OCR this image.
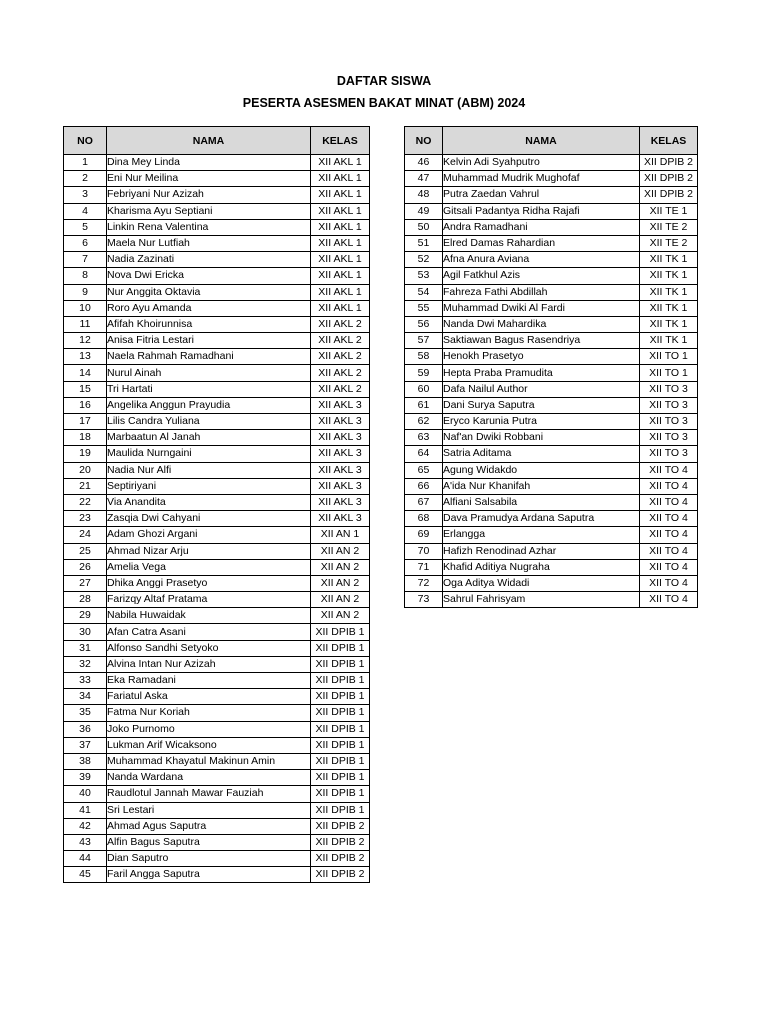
DAFTAR SISWA
PESERTA ASESMEN BAKAT MINAT (ABM) 2024
NO	NAMA	KELAS
1	Dina Mey Linda	XII AKL 1
2	Eni Nur Meilina	XII AKL 1
3	Febriyani Nur Azizah	XII AKL 1
4	Kharisma Ayu Septiani	XII AKL 1
5	Linkin Rena Valentina	XII AKL 1
6	Maela Nur Lutfiah	XII AKL 1
7	Nadia Zazinati	XII AKL 1
8	Nova Dwi Ericka	XII AKL 1
9	Nur Anggita Oktavia	XII AKL 1
10	Roro Ayu Amanda	XII AKL 1
11	Afifah Khoirunnisa	XII AKL 2
12	Anisa Fitria Lestari	XII AKL 2
13	Naela Rahmah Ramadhani	XII AKL 2
14	Nurul Ainah	XII AKL 2
15	Tri Hartati	XII AKL 2
16	Angelika Anggun Prayudia	XII AKL 3
17	Lilis Candra Yuliana	XII AKL 3
18	Marbaatun Al Janah	XII AKL 3
19	Maulida Nurngaini	XII AKL 3
20	Nadia Nur Alfi	XII AKL 3
21	Septiriyani	XII AKL 3
22	Via Anandita	XII AKL 3
23	Zasqia Dwi Cahyani	XII AKL 3
24	Adam Ghozi Argani	XII AN 1
25	Ahmad Nizar Arju	XII AN 2
26	Amelia Vega	XII AN 2
27	Dhika Anggi Prasetyo	XII AN 2
28	Farizqy Altaf Pratama	XII AN 2
29	Nabila Huwaidak	XII AN 2
30	Afan Catra Asani	XII DPIB 1
31	Alfonso Sandhi Setyoko	XII DPIB 1
32	Alvina Intan Nur Azizah	XII DPIB 1
33	Eka Ramadani	XII DPIB 1
34	Fariatul Aska	XII DPIB 1
35	Fatma Nur Koriah	XII DPIB 1
36	Joko Purnomo	XII DPIB 1
37	Lukman Arif Wicaksono	XII DPIB 1
38	Muhammad Khayatul Makinun Amin	XII DPIB 1
39	Nanda Wardana	XII DPIB 1
40	Raudlotul Jannah Mawar Fauziah	XII DPIB 1
41	Sri Lestari	XII DPIB 1
42	Ahmad Agus Saputra	XII DPIB 2
43	Alfin Bagus Saputra	XII DPIB 2
44	Dian Saputro	XII DPIB 2
45	Faril Angga Saputra	XII DPIB 2
NO	NAMA	KELAS
46	Kelvin Adi Syahputro	XII DPIB 2
47	Muhammad Mudrik Mughofaf	XII DPIB 2
48	Putra Zaedan Vahrul	XII DPIB 2
49	Gitsali Padantya Ridha Rajafi	XII TE 1
50	Andra Ramadhani	XII TE 2
51	Elred Damas Rahardian	XII TE 2
52	Afna Anura Aviana	XII TK 1
53	Agil Fatkhul Azis	XII TK 1
54	Fahreza Fathi Abdillah	XII TK 1
55	Muhammad Dwiki Al Fardi	XII TK 1
56	Nanda Dwi Mahardika	XII TK 1
57	Saktiawan Bagus Rasendriya	XII TK 1
58	Henokh Prasetyo	XII TO 1
59	Hepta Praba Pramudita	XII TO 1
60	Dafa Nailul Author	XII TO 3
61	Dani Surya Saputra	XII TO 3
62	Eryco Karunia Putra	XII TO 3
63	Naf'an Dwiki Robbani	XII TO 3
64	Satria Aditama	XII TO 3
65	Agung Widakdo	XII TO 4
66	A'ida Nur Khanifah	XII TO 4
67	Alfiani Salsabila	XII TO 4
68	Dava Pramudya Ardana Saputra	XII TO 4
69	Erlangga	XII TO 4
70	Hafizh Renodinad Azhar	XII TO 4
71	Khafid Aditiya Nugraha	XII TO 4
72	Oga Aditya Widadi	XII TO 4
73	Sahrul Fahrisyam	XII TO 4
